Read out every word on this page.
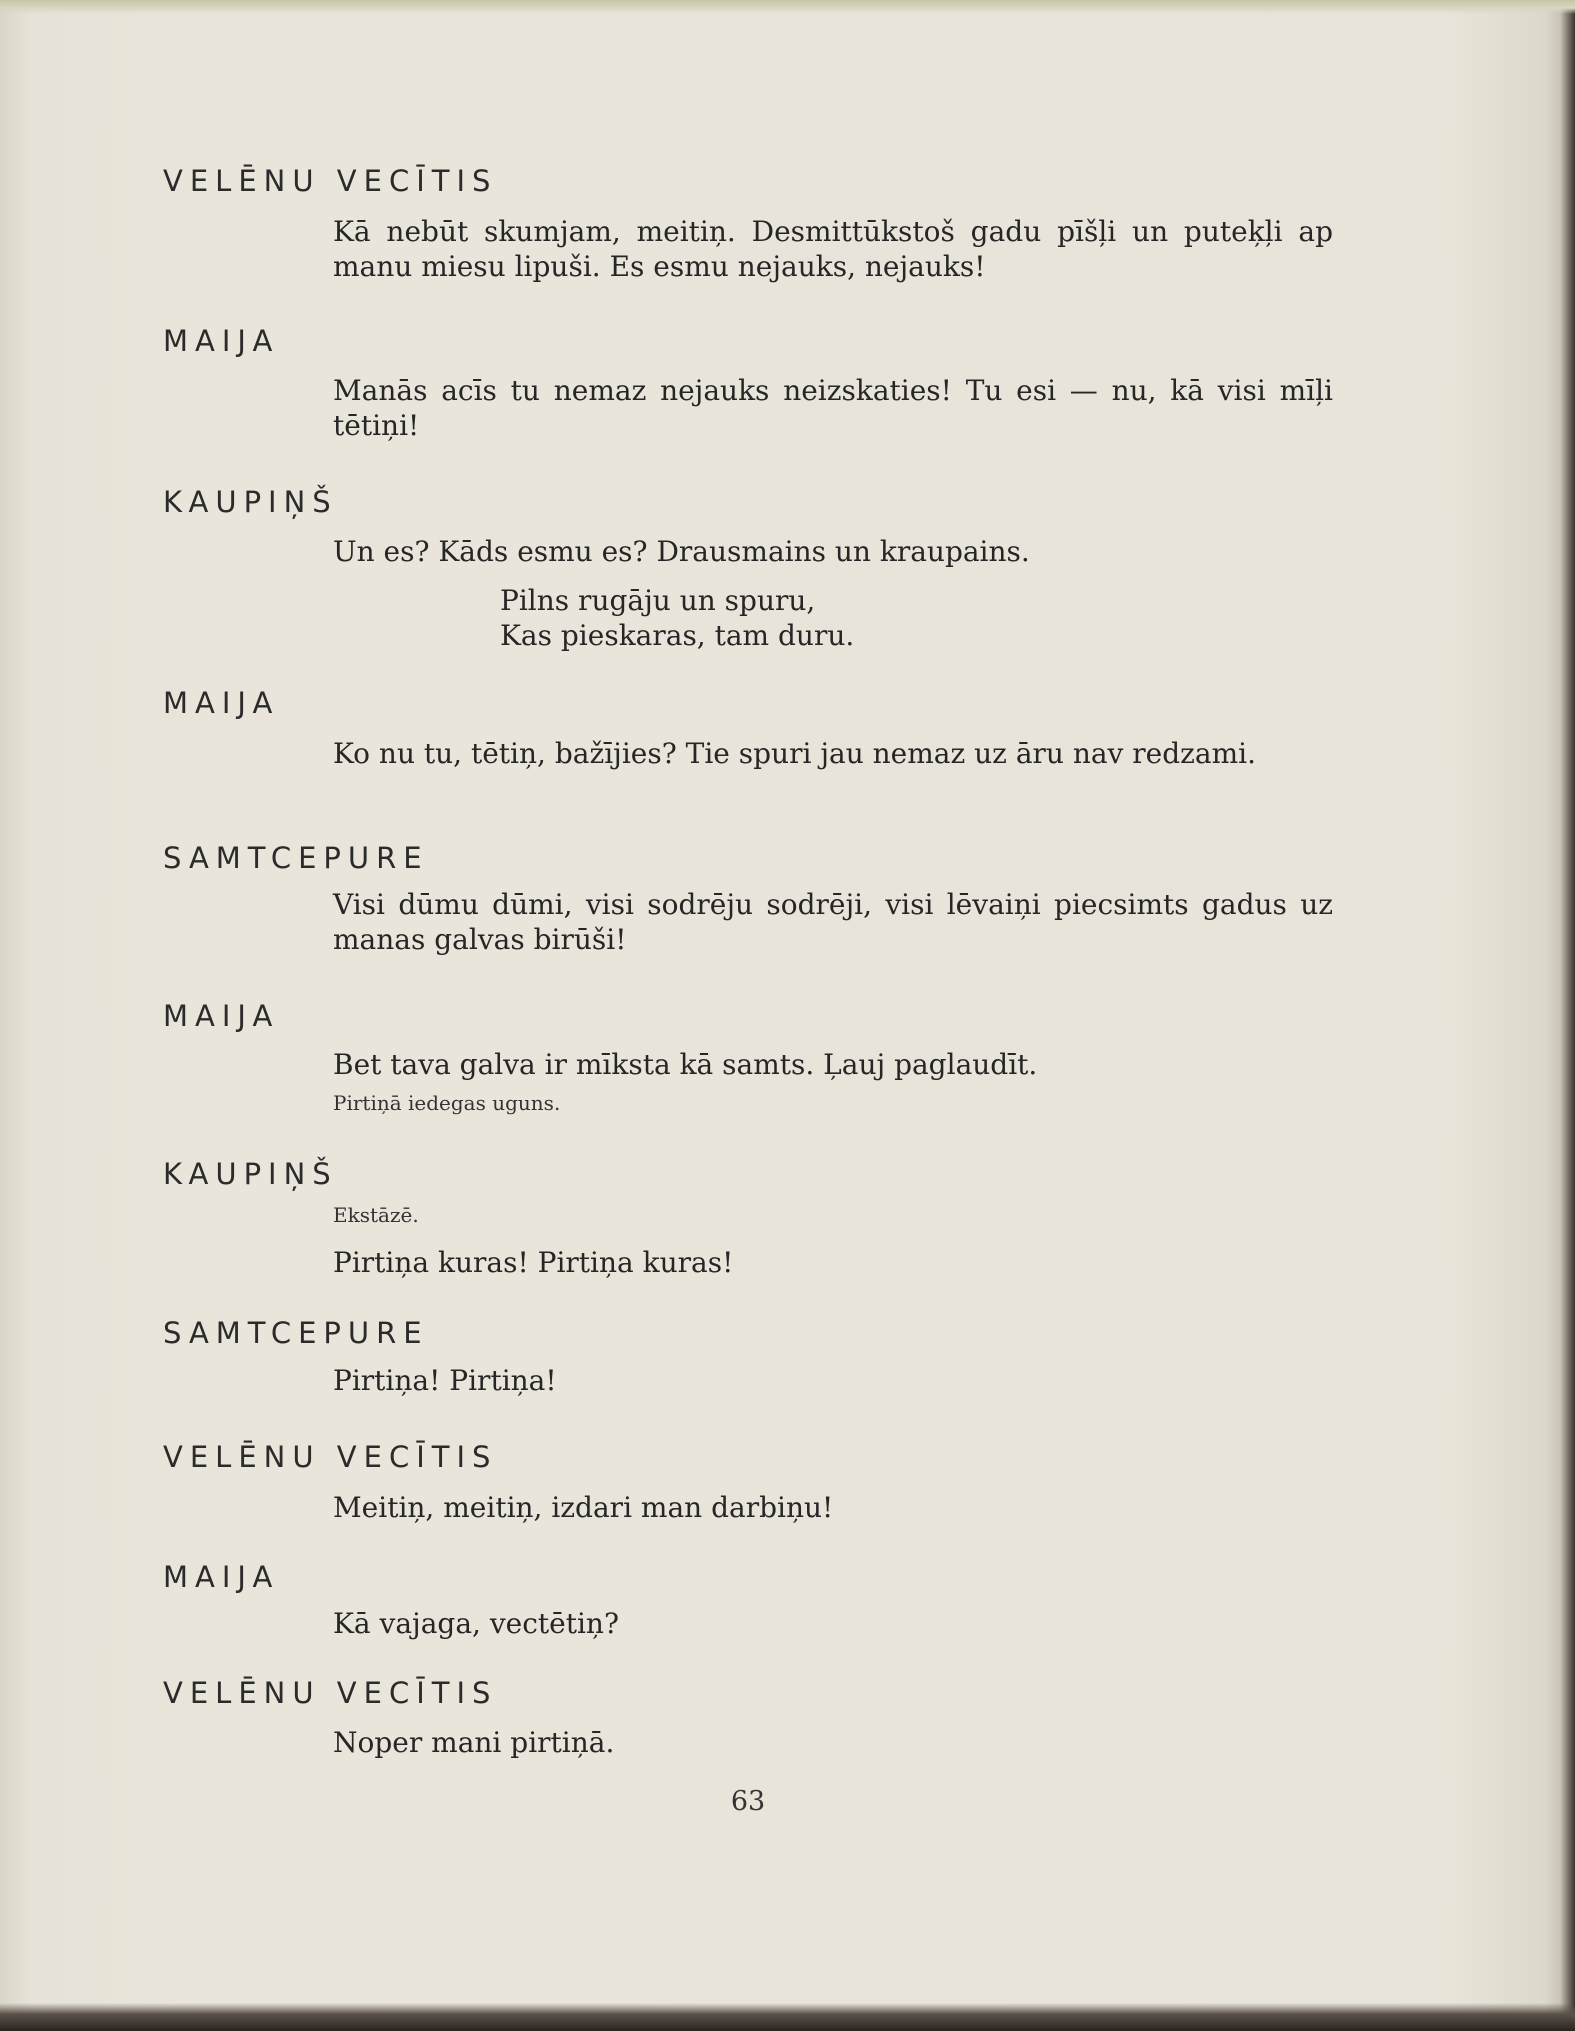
VELĒNU VECĪTIS
Kā nebūt skumjam, meitiņ. Desmittūkstoš gadu pīšļi un puteķļi ap manu miesu lipuši. Es esmu nejauks, nejauks!
MAIJA
Manās acīs tu nemaz nejauks neizskaties! Tu esi — nu, kā visi mīļi tētiņi!
KAUPIŅŠ
Un es? Kāds esmu es? Drausmains un kraupains.
Pilns rugāju un spuru,
Kas pieskaras, tam duru.
MAIJA
Ko nu tu, tētiņ, bažījies? Tie spuri jau nemaz uz āru nav redzami.
SAMTCEPURE
Visi dūmu dūmi, visi sodrēju sodrēji, visi lēvaiņi piecsimts gadus uz manas galvas birūši!
MAIJA
Bet tava galva ir mīksta kā samts. Ļauj paglaudīt.
Pirtiņā iedegas uguns.
KAUPIŅŠ
Ekstāzē.
Pirtiņa kuras! Pirtiņa kuras!
SAMTCEPURE
Pirtiņa! Pirtiņa!
VELĒNU VECĪTIS
Meitiņ, meitiņ, izdari man darbiņu!
MAIJA
Kā vajaga, vectētiņ?
VELĒNU VECĪTIS
Noper mani pirtiņā.
63
